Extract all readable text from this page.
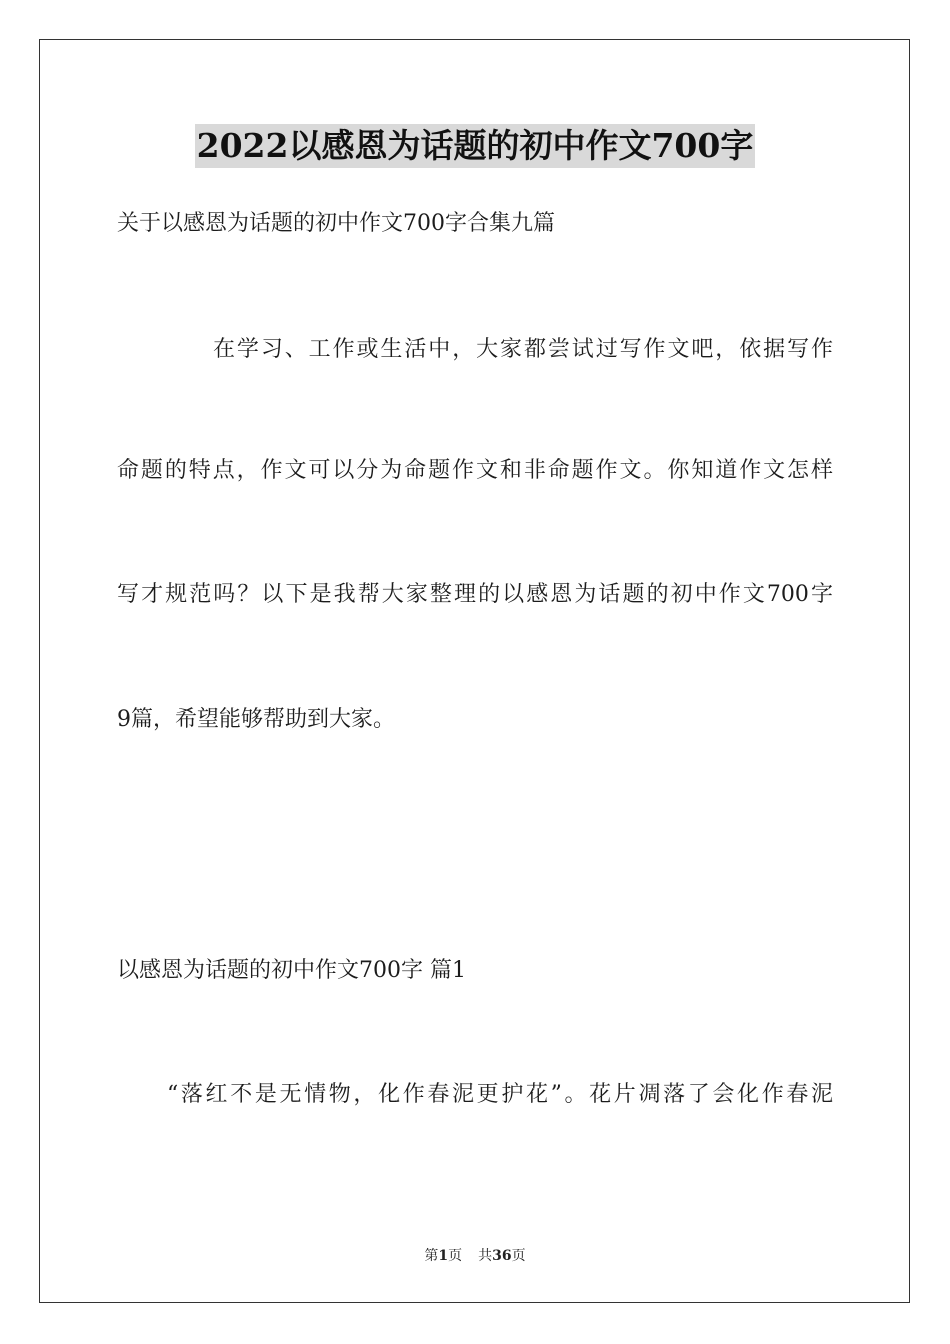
2022以感恩为话题的初中作文700字
关于以感恩为话题的初中作文700字合集九篇
在学习、工作或生活中，大家都尝试过写作文吧，依据写作
命题的特点，作文可以分为命题作文和非命题作文。你知道作文怎样
写才规范吗？以下是我帮大家整理的以感恩为话题的初中作文700字
9篇，希望能够帮助到大家。
以感恩为话题的初中作文700字 篇1
“落红不是无情物，化作春泥更护花”。花片凋落了会化作春泥
第1页 共36页
